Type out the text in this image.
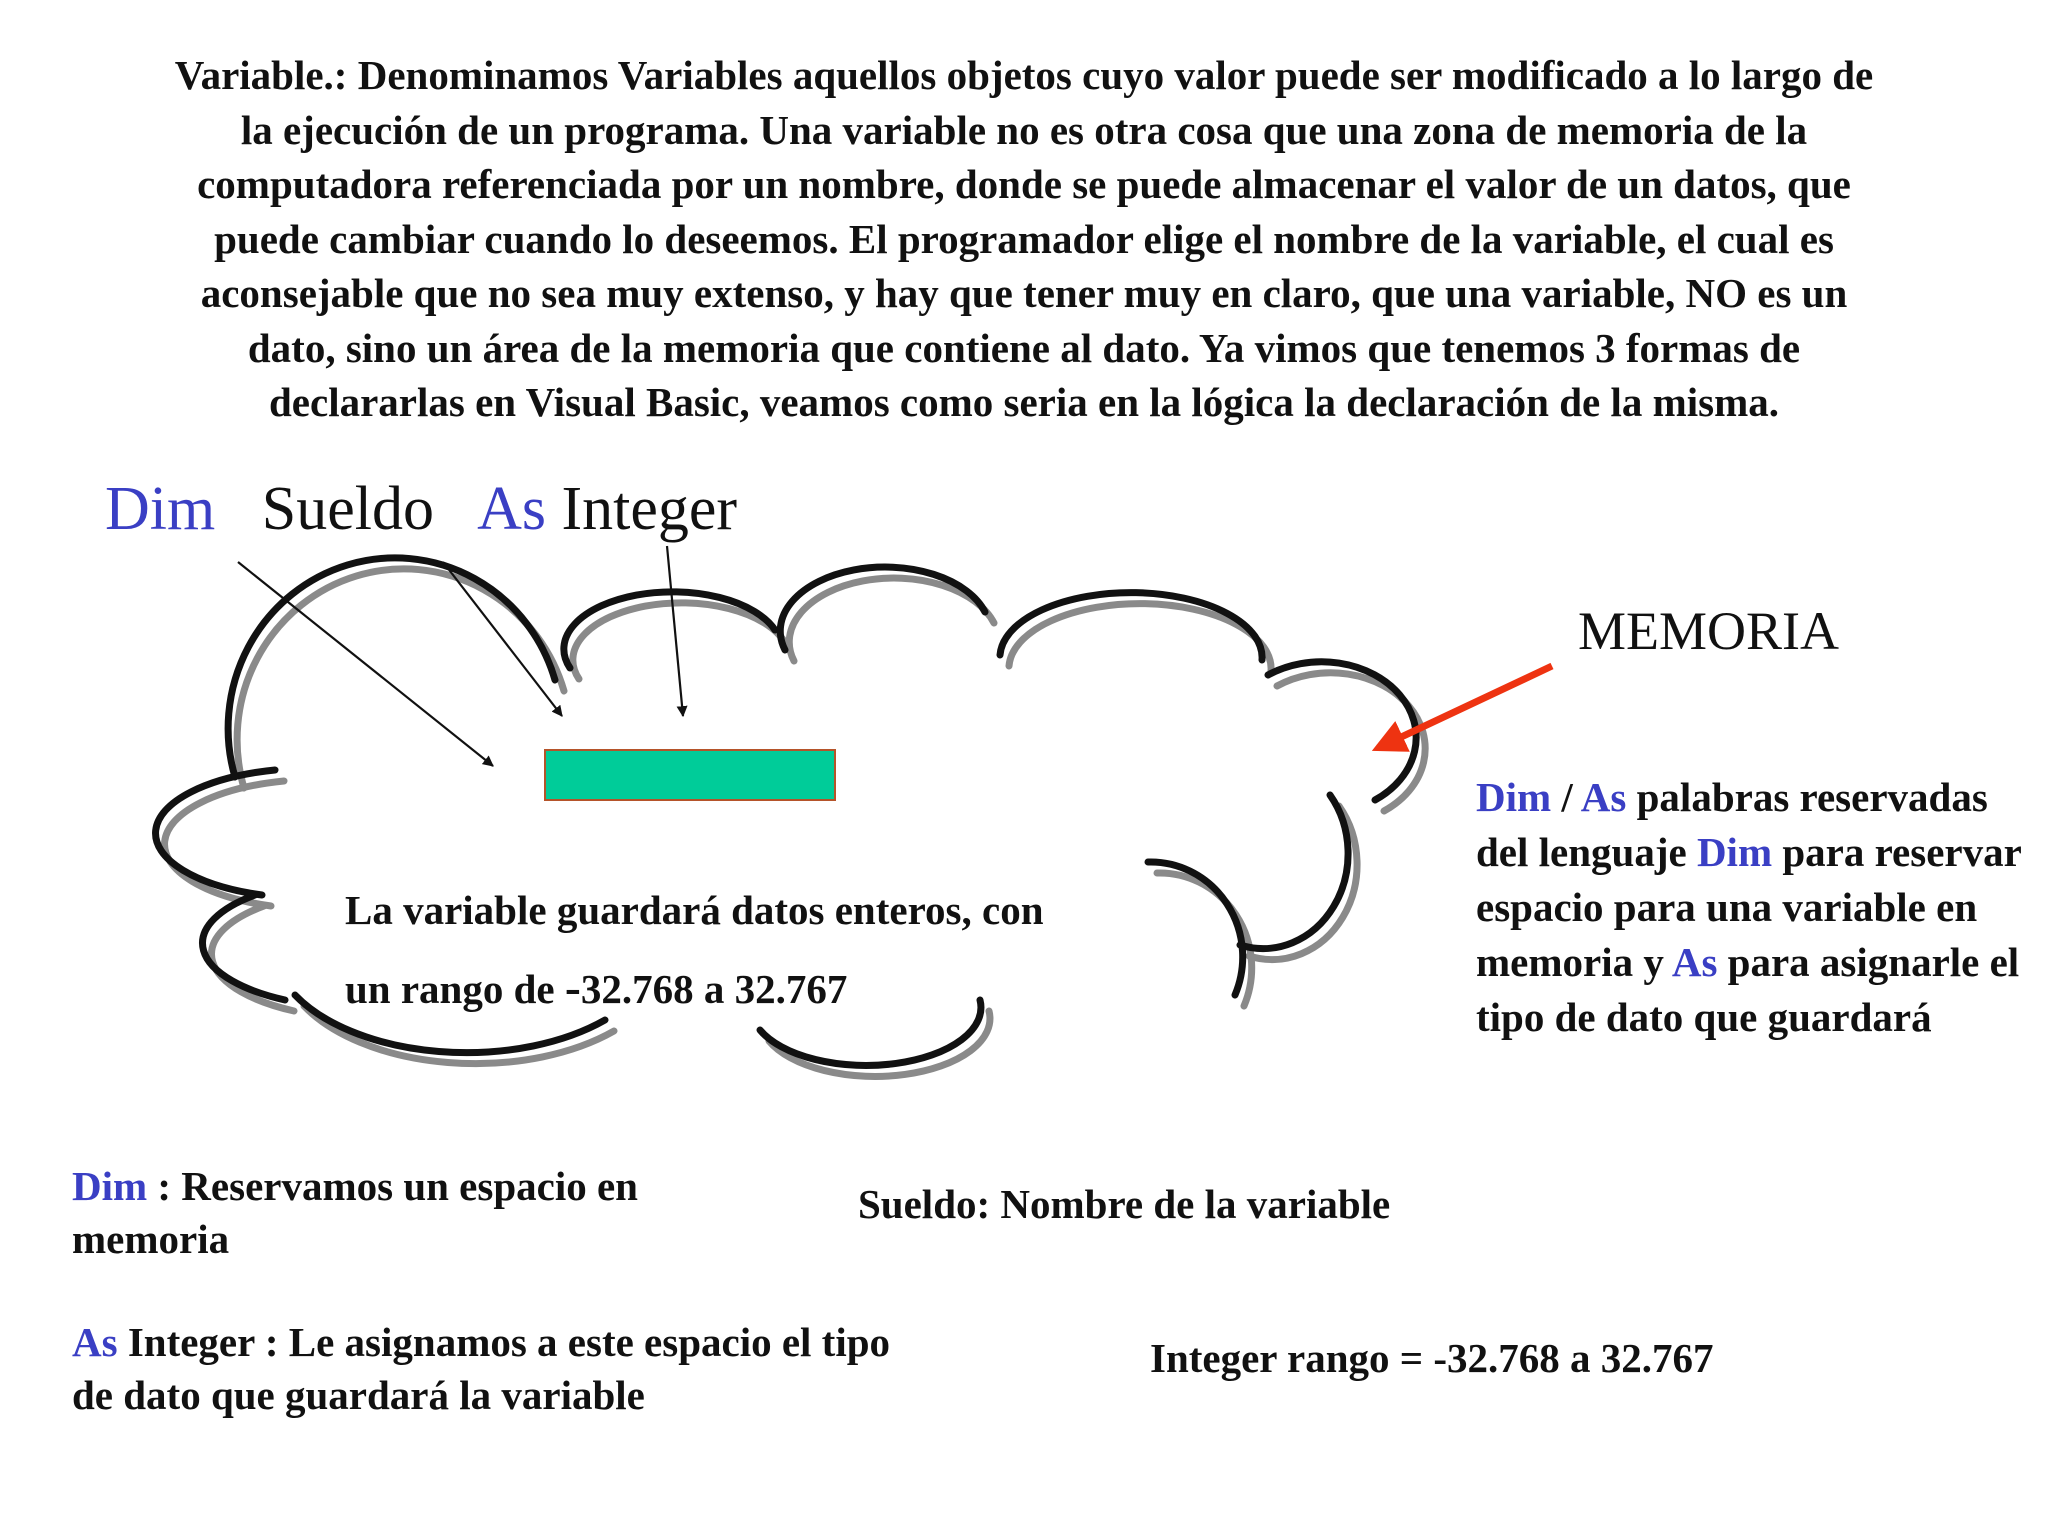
Variable.: Denominamos Variables aquellos objetos cuyo valor puede ser modificado a lo largo de
la ejecución de un programa. Una variable no es otra cosa que una zona de memoria de la
computadora referenciada por un nombre, donde se puede almacenar el valor de un datos, que
puede cambiar cuando lo deseemos. El programador elige el nombre de la variable, el cual es
aconsejable que no sea muy extenso, y hay que tener muy en claro, que una variable, NO es un
dato, sino un área de la memoria que contiene al dato. Ya vimos que tenemos 3 formas de
declararlas en Visual Basic, veamos como seria en la lógica la declaración de la misma.

Dim Sueldo As Integer
MEMORIA

La variable guardará datos enteros, con
un rango de -32.768 a 32.767

Dim / As palabras reservadas del lenguaje Dim para reservar espacio para una variable en memoria y As para asignarle el tipo de dato que guardará

Dim : Reservamos un espacio en memoria

Sueldo: Nombre de la variable

As Integer : Le asignamos a este espacio el tipo de dato que guardará la variable

Integer rango = -32.768 a 32.767
